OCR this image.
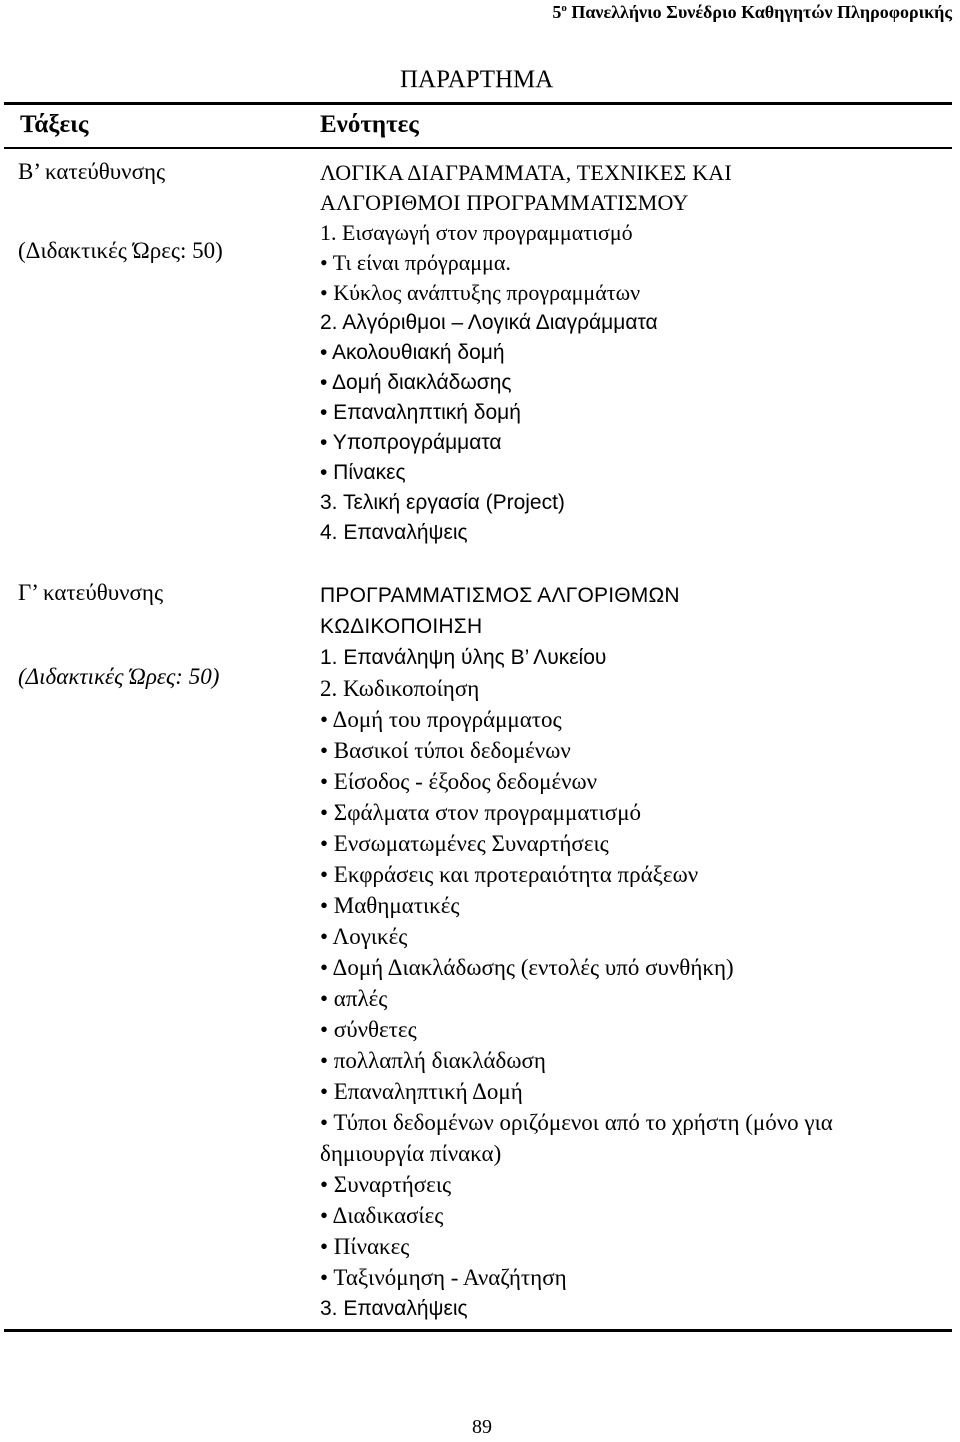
$5^o$ Πανελλήνιο Συνέδριο Καθηγητών Πληροφορικής
ΠΑΡΑΡΤΗΜΑ
Τάξεις	Ενότητες
Β’ κατεύθυνσης
(Διδακτικές Ώρες: 50)
ΛΟΓΙΚΑ ΔΙΑΓΡΑΜΜΑΤΑ, ΤΕΧΝΙΚΕΣ ΚΑΙ
ΑΛΓΟΡΙΘΜΟΙ ΠΡΟΓΡΑΜΜΑΤΙΣΜΟΥ
1. Εισαγωγή στον προγραμματισμό
• Τι είναι πρόγραμμα.
• Κύκλος ανάπτυξης προγραμμάτων
2. Αλγόριθμοι – Λογικά Διαγράμματα
• Ακολουθιακή δομή
• Δομή διακλάδωσης
• Επαναληπτική δομή
• Υποπρογράμματα
• Πίνακες
3. Τελική εργασία (Project)
4. Επαναλήψεις
Γ’ κατεύθυνσης
(Διδακτικές Ώρες: 50)
ΠΡΟΓΡΑΜΜΑΤΙΣΜΟΣ ΑΛΓΟΡΙΘΜΩΝ
ΚΩΔΙΚΟΠΟΙΗΣΗ
1. Επανάληψη ύλης Β’ Λυκείου
2. Κωδικοποίηση
• Δομή του προγράμματος
• Βασικοί τύποι δεδομένων
• Είσοδος - έξοδος δεδομένων
• Σφάλματα στον προγραμματισμό
• Ενσωματωμένες Συναρτήσεις
• Εκφράσεις και προτεραιότητα πράξεων
• Μαθηματικές
• Λογικές
• Δομή Διακλάδωσης (εντολές υπό συνθήκη)
• απλές
• σύνθετες
• πολλαπλή διακλάδωση
• Επαναληπτική Δομή
• Τύποι δεδομένων οριζόμενοι από το χρήστη (μόνο για
δημιουργία πίνακα)
• Συναρτήσεις
• Διαδικασίες
• Πίνακες
• Ταξινόμηση - Αναζήτηση
3. Επαναλήψεις
89
